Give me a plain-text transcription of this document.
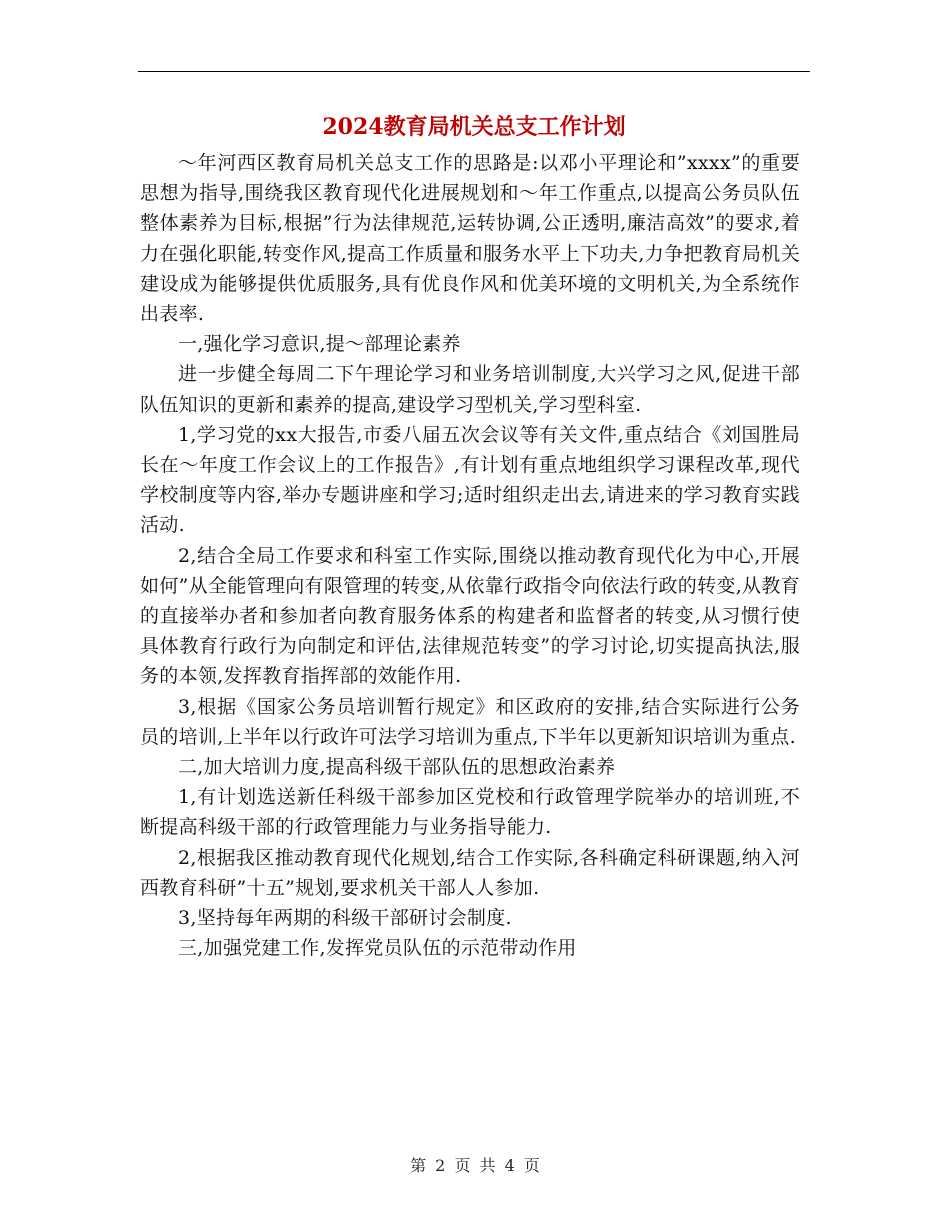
2024教育局机关总支工作计划

～年河西区教育局机关总支工作的思路是:以邓小平理论和”xxxx”的重要思想为指导,围绕我区教育现代化进展规划和～年工作重点,以提高公务员队伍整体素养为目标,根据”行为法律规范,运转协调,公正透明,廉洁高效”的要求,着力在强化职能,转变作风,提高工作质量和服务水平上下功夫,力争把教育局机关建设成为能够提供优质服务,具有优良作风和优美环境的文明机关,为全系统作出表率.

一,强化学习意识,提～部理论素养

进一步健全每周二下午理论学习和业务培训制度,大兴学习之风,促进干部队伍知识的更新和素养的提高,建设学习型机关,学习型科室.

1,学习党的xx大报告,市委八届五次会议等有关文件,重点结合《刘国胜局长在～年度工作会议上的工作报告》,有计划有重点地组织学习课程改革,现代学校制度等内容,举办专题讲座和学习;适时组织走出去,请进来的学习教育实践活动.

2,结合全局工作要求和科室工作实际,围绕以推动教育现代化为中心,开展如何”从全能管理向有限管理的转变,从依靠行政指令向依法行政的转变,从教育的直接举办者和参加者向教育服务体系的构建者和监督者的转变,从习惯行使具体教育行政行为向制定和评估,法律规范转变”的学习讨论,切实提高执法,服务的本领,发挥教育指挥部的效能作用.

3,根据《国家公务员培训暂行规定》和区政府的安排,结合实际进行公务员的培训,上半年以行政许可法学习培训为重点,下半年以更新知识培训为重点.

二,加大培训力度,提高科级干部队伍的思想政治素养

1,有计划选送新任科级干部参加区党校和行政管理学院举办的培训班,不断提高科级干部的行政管理能力与业务指导能力.

2,根据我区推动教育现代化规划,结合工作实际,各科确定科研课题,纳入河西教育科研”十五”规划,要求机关干部人人参加.

3,坚持每年两期的科级干部研讨会制度.

三,加强党建工作,发挥党员队伍的示范带动作用

第 2 页 共 4 页
